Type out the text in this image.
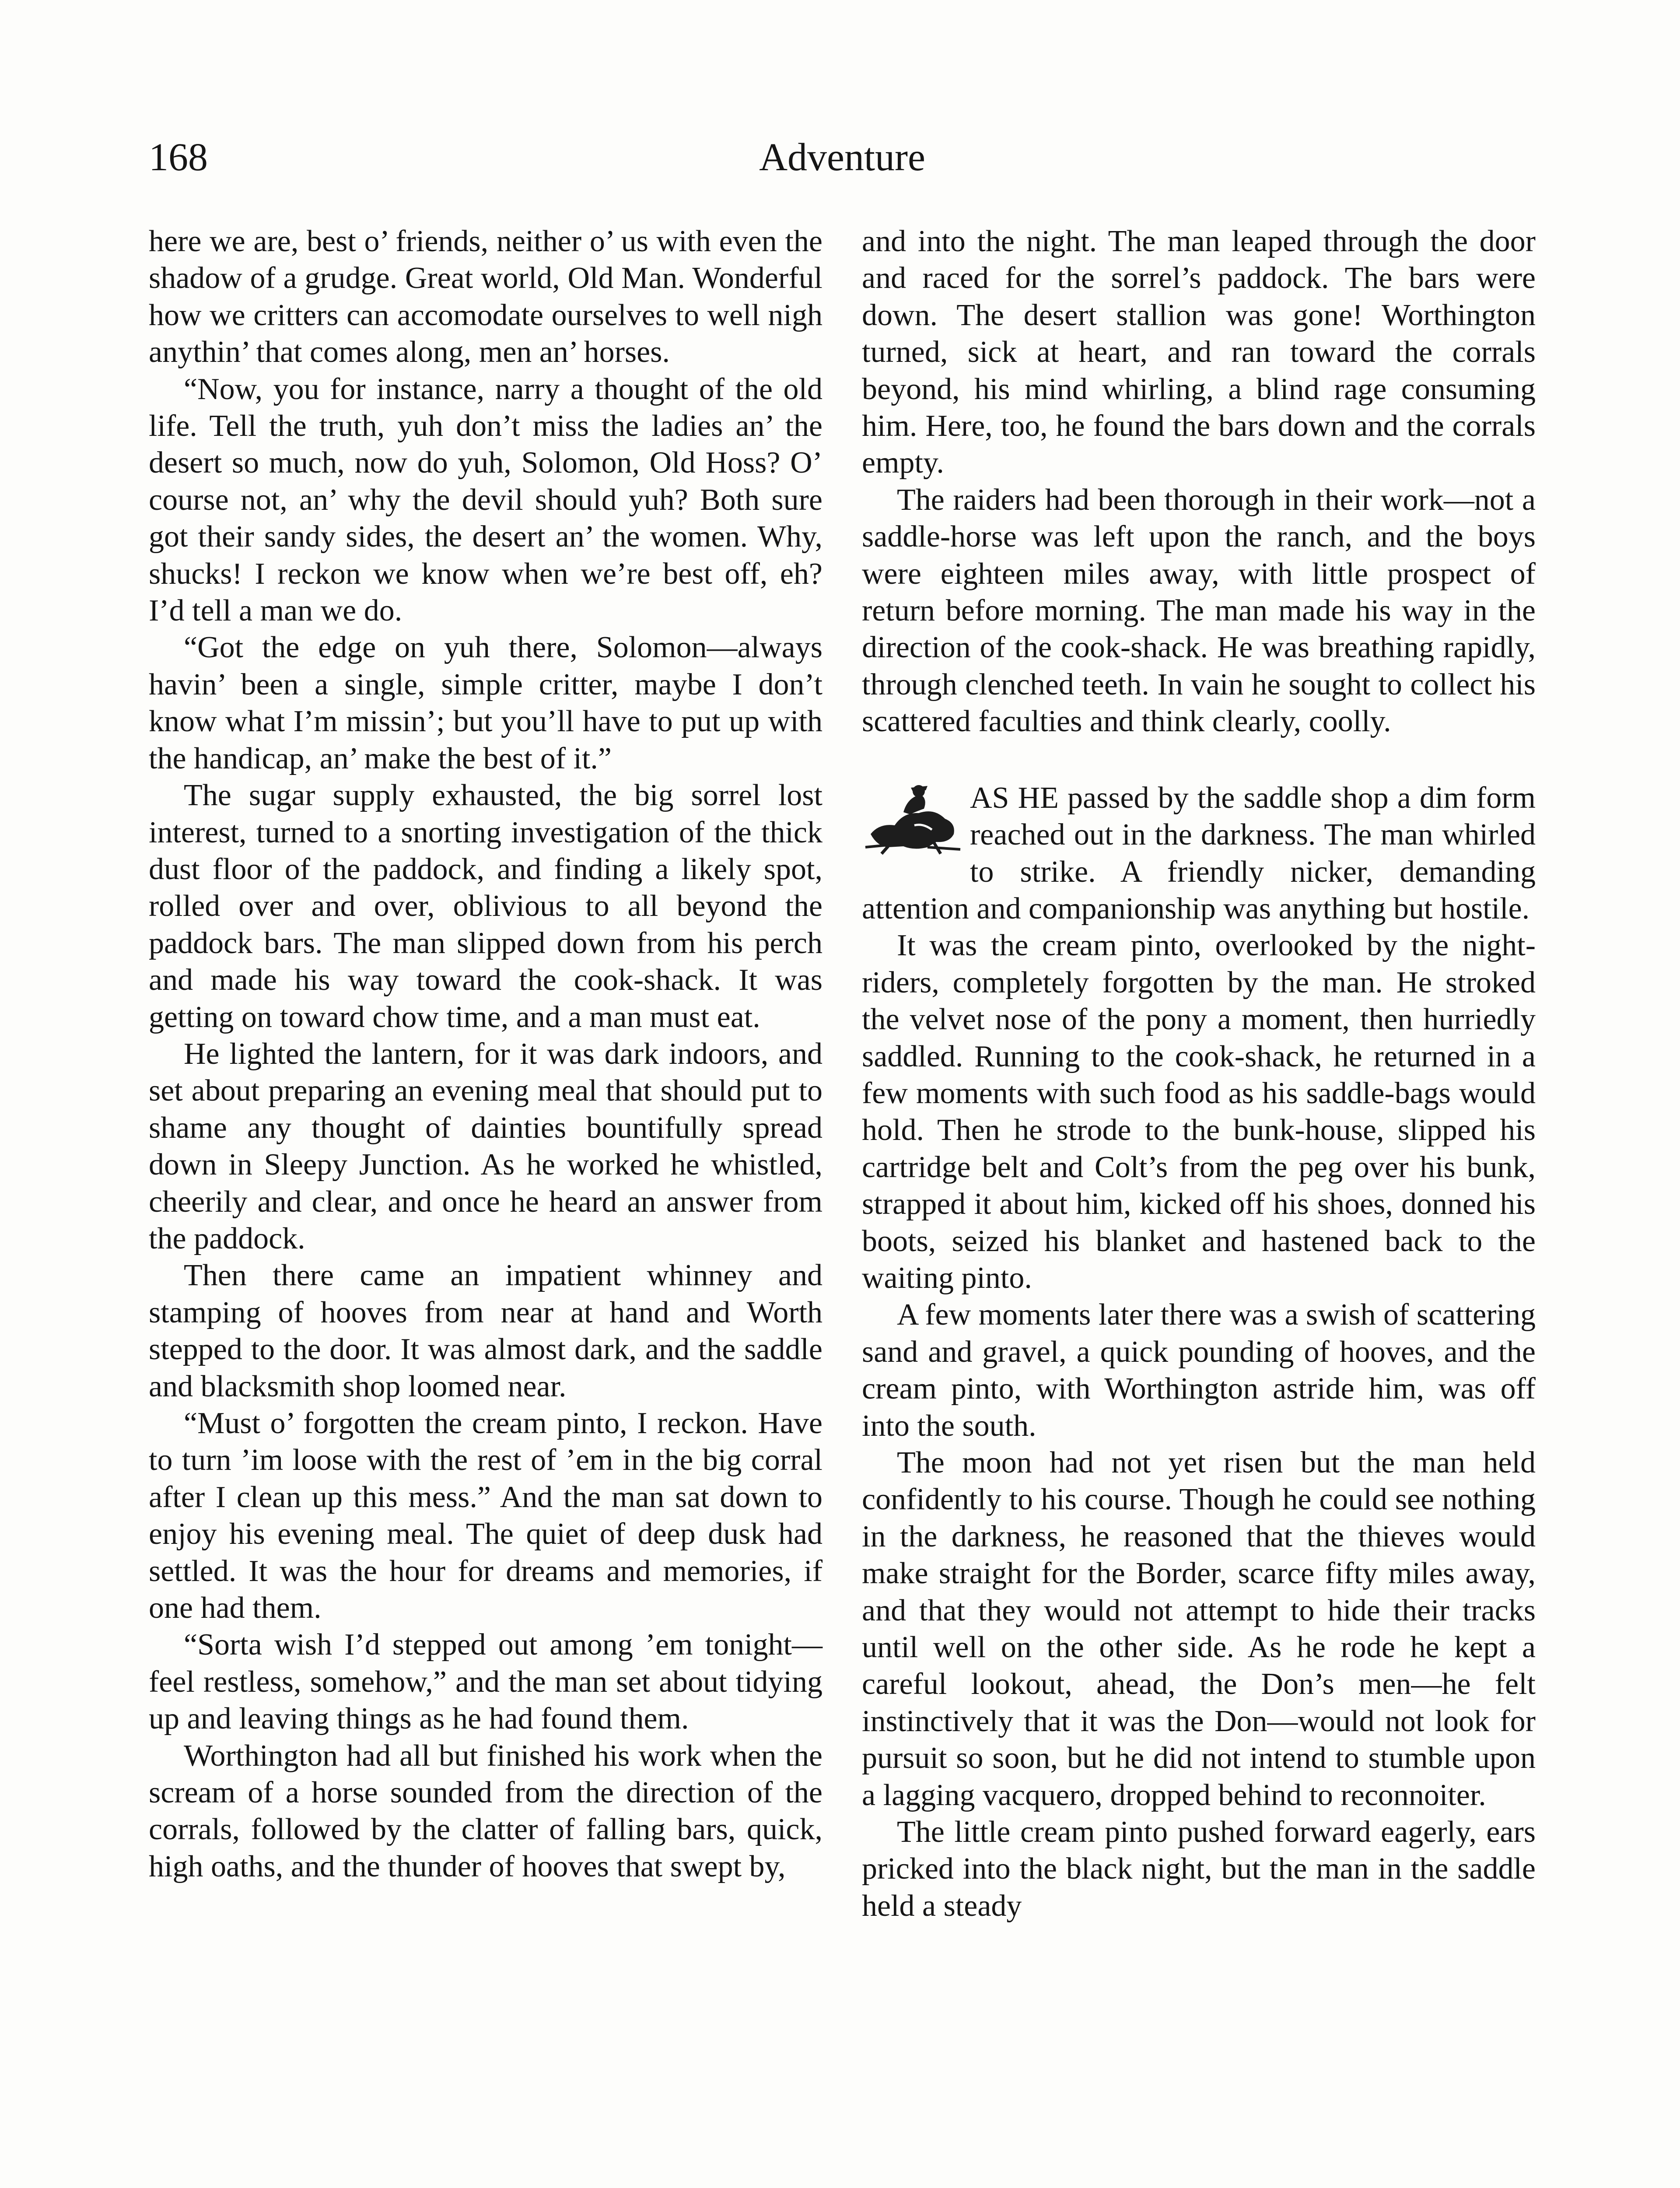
168	Adventure

here we are, best o’ friends, neither o’ us with even the shadow of a grudge. Great world, Old Man. Wonderful how we critters can accomodate ourselves to well nigh anythin’ that comes along, men an’ horses.

“Now, you for instance, narry a thought of the old life. Tell the truth, yuh don’t miss the ladies an’ the desert so much, now do yuh, Solomon, Old Hoss? O’ course not, an’ why the devil should yuh? Both sure got their sandy sides, the desert an’ the women. Why, shucks! I reckon we know when we’re best off, eh? I’d tell a man we do.

“Got the edge on yuh there, Solomon—always havin’ been a single, simple critter, maybe I don’t know what I’m missin’; but you’ll have to put up with the handicap, an’ make the best of it.”

The sugar supply exhausted, the big sorrel lost interest, turned to a snorting investigation of the thick dust floor of the paddock, and finding a likely spot, rolled over and over, oblivious to all beyond the paddock bars. The man slipped down from his perch and made his way toward the cook-shack. It was getting on toward chow time, and a man must eat.

He lighted the lantern, for it was dark indoors, and set about preparing an evening meal that should put to shame any thought of dainties bountifully spread down in Sleepy Junction. As he worked he whistled, cheerily and clear, and once he heard an answer from the paddock.

Then there came an impatient whinney and stamping of hooves from near at hand and Worth stepped to the door. It was almost dark, and the saddle and blacksmith shop loomed near.

“Must o’ forgotten the cream pinto, I reckon. Have to turn ’im loose with the rest of ’em in the big corral after I clean up this mess.” And the man sat down to enjoy his evening meal. The quiet of deep dusk had settled. It was the hour for dreams and memories, if one had them.

“Sorta wish I’d stepped out among ’em tonight—feel restless, somehow,” and the man set about tidying up and leaving things as he had found them.

Worthington had all but finished his work when the scream of a horse sounded from the direction of the corrals, followed by the clatter of falling bars, quick, high oaths, and the thunder of hooves that swept by,

and into the night. The man leaped through the door and raced for the sorrel’s paddock. The bars were down. The desert stallion was gone! Worthington turned, sick at heart, and ran toward the corrals beyond, his mind whirling, a blind rage consuming him. Here, too, he found the bars down and the corrals empty.

The raiders had been thorough in their work—not a saddle-horse was left upon the ranch, and the boys were eighteen miles away, with little prospect of return before morning. The man made his way in the direction of the cook-shack. He was breathing rapidly, through clenched teeth. In vain he sought to collect his scattered faculties and think clearly, coolly.

AS HE passed by the saddle shop a dim form reached out in the darkness. The man whirled to strike. A friendly nicker, demanding attention and companionship was anything but hostile.

It was the cream pinto, overlooked by the night-riders, completely forgotten by the man. He stroked the velvet nose of the pony a moment, then hurriedly saddled. Running to the cook-shack, he returned in a few moments with such food as his saddle-bags would hold. Then he strode to the bunk-house, slipped his cartridge belt and Colt’s from the peg over his bunk, strapped it about him, kicked off his shoes, donned his boots, seized his blanket and hastened back to the waiting pinto.

A few moments later there was a swish of scattering sand and gravel, a quick pounding of hooves, and the cream pinto, with Worthington astride him, was off into the south.

The moon had not yet risen but the man held confidently to his course. Though he could see nothing in the darkness, he reasoned that the thieves would make straight for the Border, scarce fifty miles away, and that they would not attempt to hide their tracks until well on the other side. As he rode he kept a careful lookout, ahead, the Don’s men—he felt instinctively that it was the Don—would not look for pursuit so soon, but he did not intend to stumble upon a lagging vacquero, dropped behind to reconnoiter.

The little cream pinto pushed forward eagerly, ears pricked into the black night, but the man in the saddle held a steady
